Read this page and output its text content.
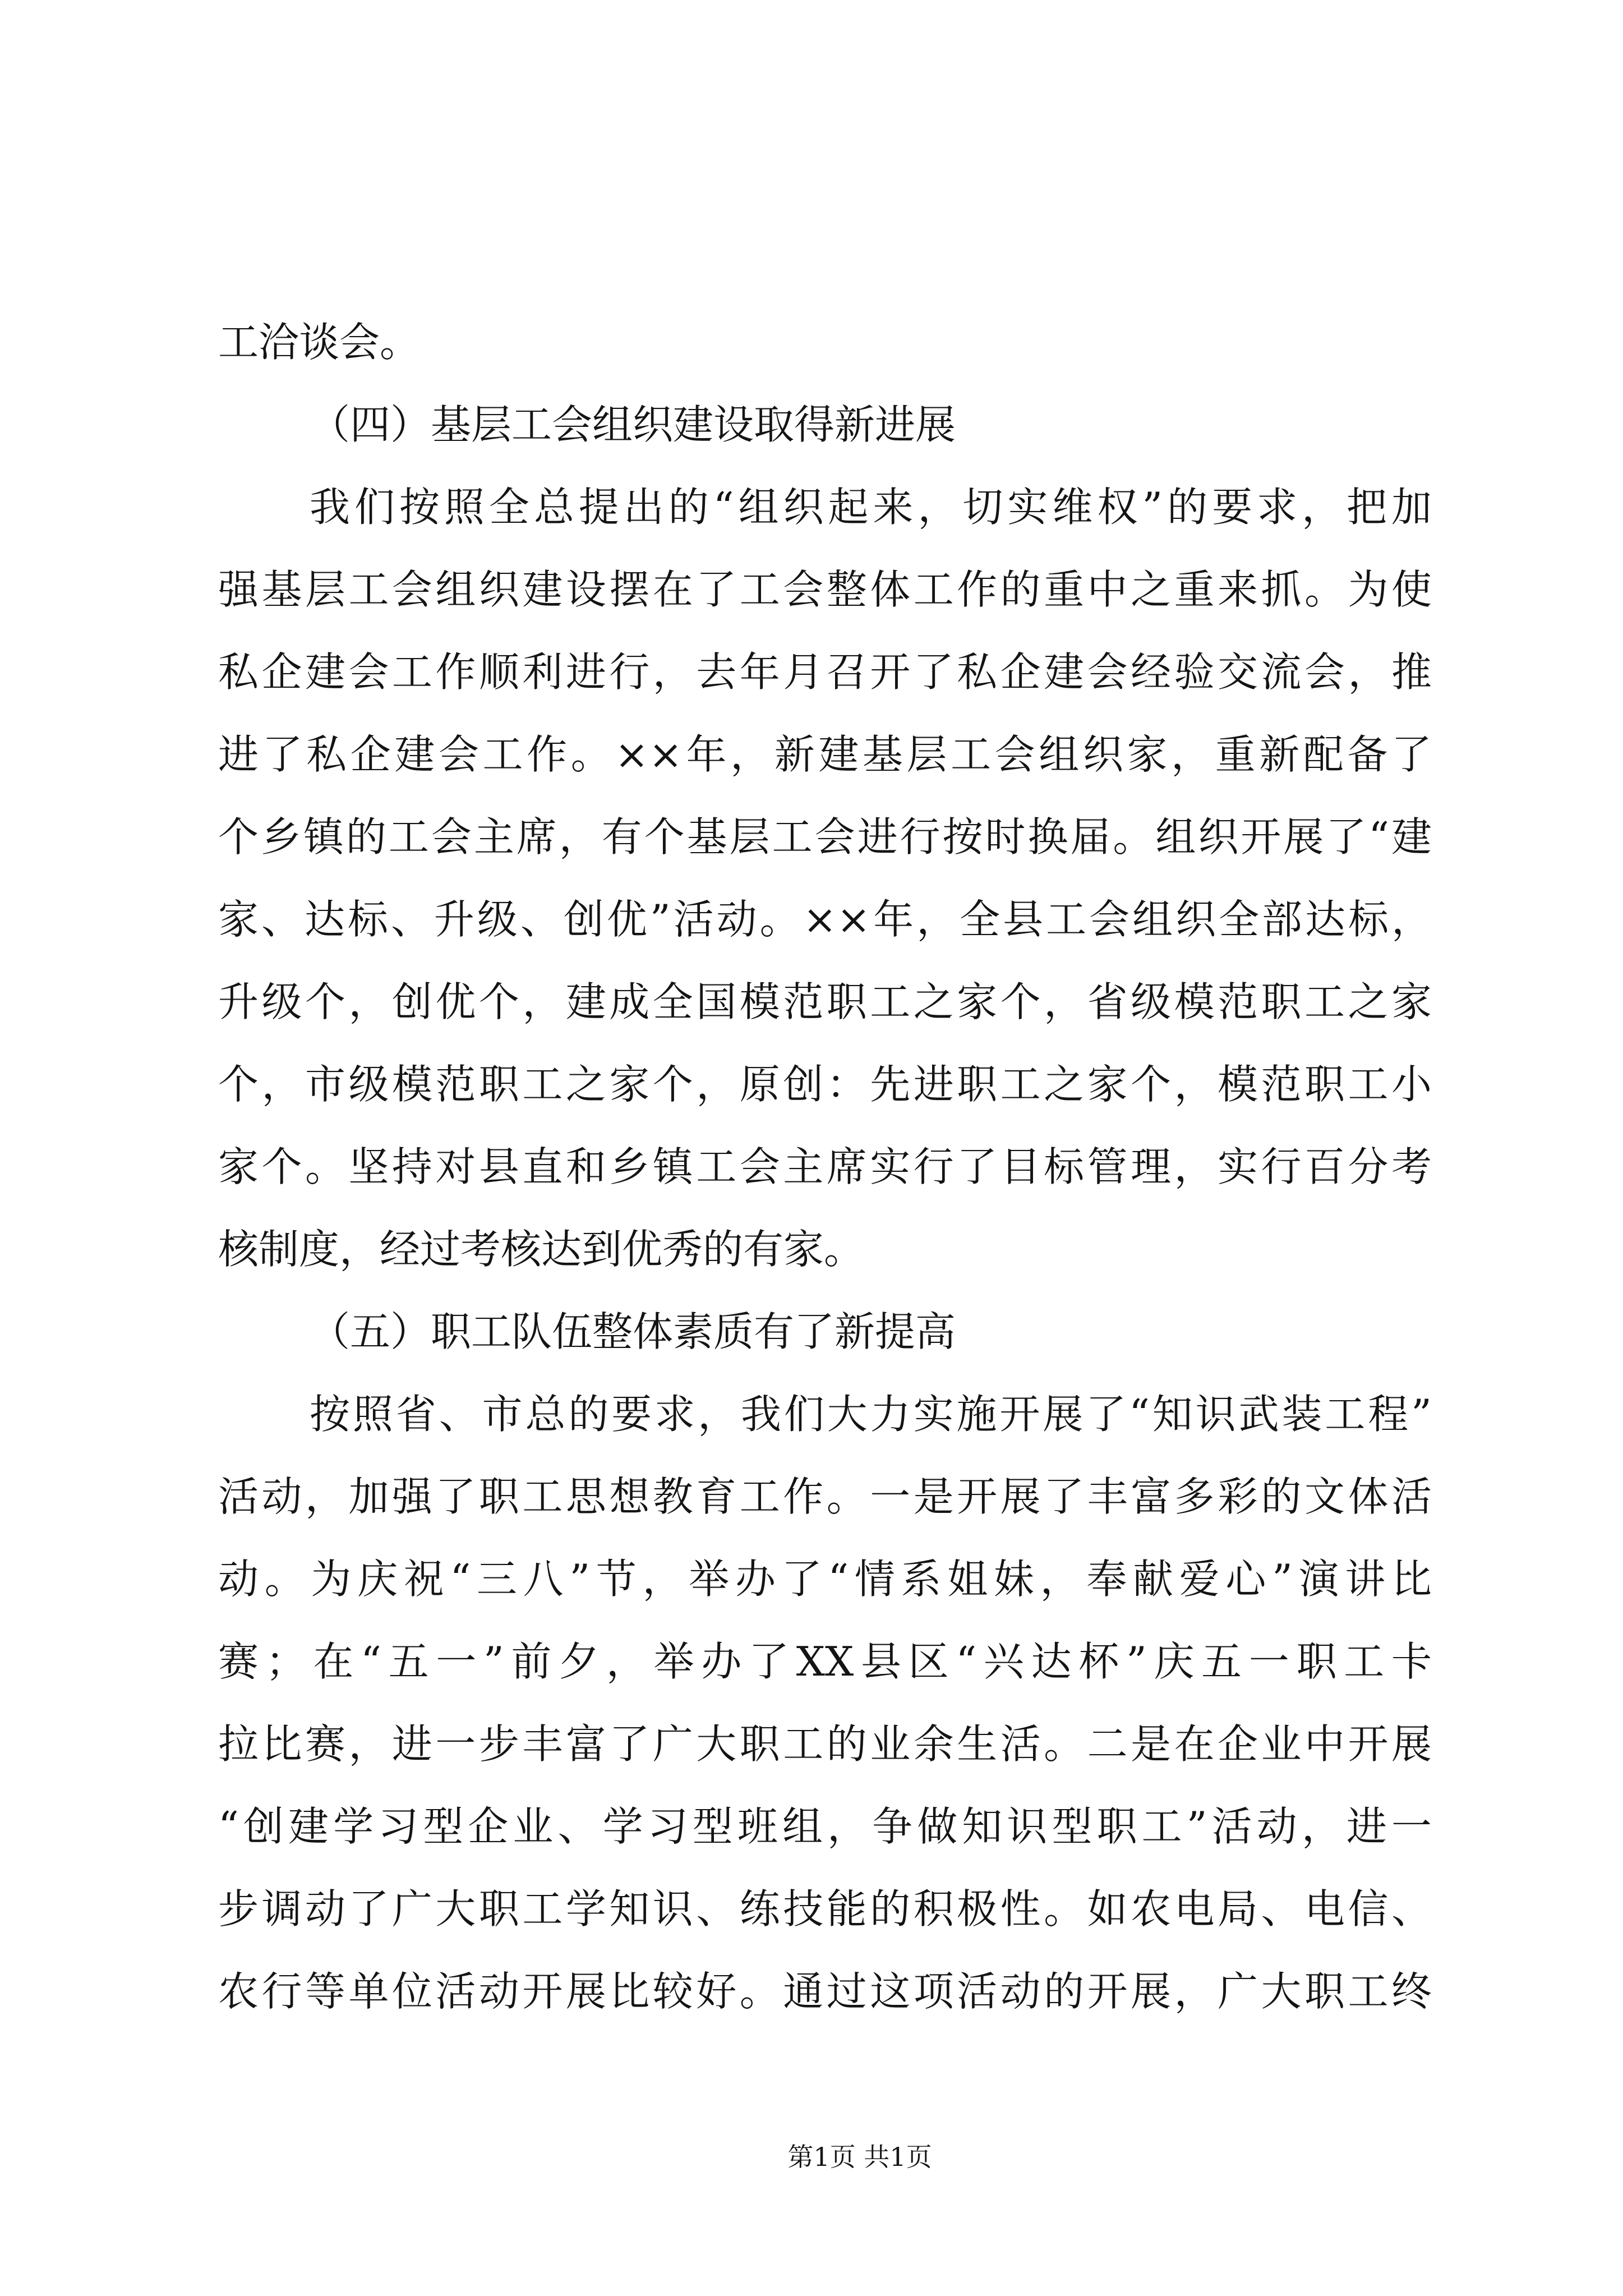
工洽谈会。
（四）基层工会组织建设取得新进展
我们按照全总提出的“组织起来，切实维权”的要求，把加
强基层工会组织建设摆在了工会整体工作的重中之重来抓。为使
私企建会工作顺利进行，去年月召开了私企建会经验交流会，推
进了私企建会工作。××年，新建基层工会组织家，重新配备了
个乡镇的工会主席，有个基层工会进行按时换届。组织开展了“建
家、达标、升级、创优”活动。××年，全县工会组织全部达标，
升级个，创优个，建成全国模范职工之家个，省级模范职工之家
个，市级模范职工之家个，原创：先进职工之家个，模范职工小
家个。坚持对县直和乡镇工会主席实行了目标管理，实行百分考
核制度，经过考核达到优秀的有家。
（五）职工队伍整体素质有了新提高
按照省、市总的要求，我们大力实施开展了“知识武装工程”
活动，加强了职工思想教育工作。一是开展了丰富多彩的文体活
动。为庆祝“三八”节，举办了“情系姐妹，奉献爱心”演讲比
赛；在“五一”前夕，举办了XX县区“兴达杯”庆五一职工卡
拉比赛，进一步丰富了广大职工的业余生活。二是在企业中开展
“创建学习型企业、学习型班组，争做知识型职工”活动，进一
步调动了广大职工学知识、练技能的积极性。如农电局、电信、
农行等单位活动开展比较好。通过这项活动的开展，广大职工终
第1页 共1页
